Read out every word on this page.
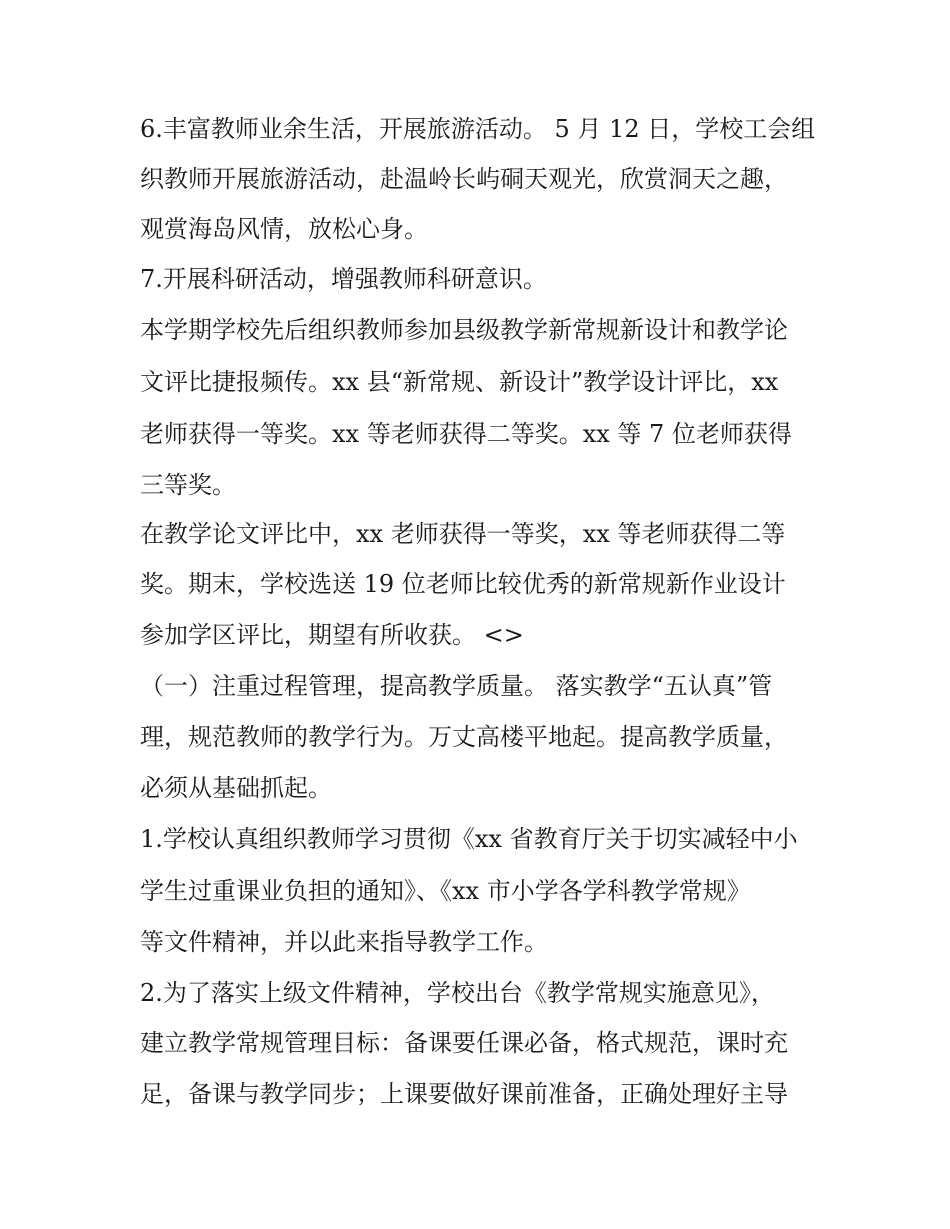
6.丰富教师业余生活，开展旅游活动。 5 月 12 日，学校工会组
织教师开展旅游活动，赴温岭长屿硐天观光，欣赏洞天之趣，
观赏海岛风情，放松心身。
7.开展科研活动，增强教师科研意识。
本学期学校先后组织教师参加县级教学新常规新设计和教学论
文评比捷报频传。xx 县“新常规、新设计”教学设计评比，xx
老师获得一等奖。xx 等老师获得二等奖。xx 等 7 位老师获得
三等奖。
在教学论文评比中，xx 老师获得一等奖，xx 等老师获得二等
奖。期末，学校选送 19 位老师比较优秀的新常规新作业设计
参加学区评比，期望有所收获。 <>
（一）注重过程管理，提高教学质量。 落实教学“五认真”管
理，规范教师的教学行为。万丈高楼平地起。提高教学质量，
必须从基础抓起。
1.学校认真组织教师学习贯彻《xx 省教育厅关于切实减轻中小
学生过重课业负担的通知》、《xx 市小学各学科教学常规》
等文件精神，并以此来指导教学工作。
2.为了落实上级文件精神，学校出台《教学常规实施意见》，
建立教学常规管理目标：备课要任课必备，格式规范，课时充
足，备课与教学同步；上课要做好课前准备，正确处理好主导
